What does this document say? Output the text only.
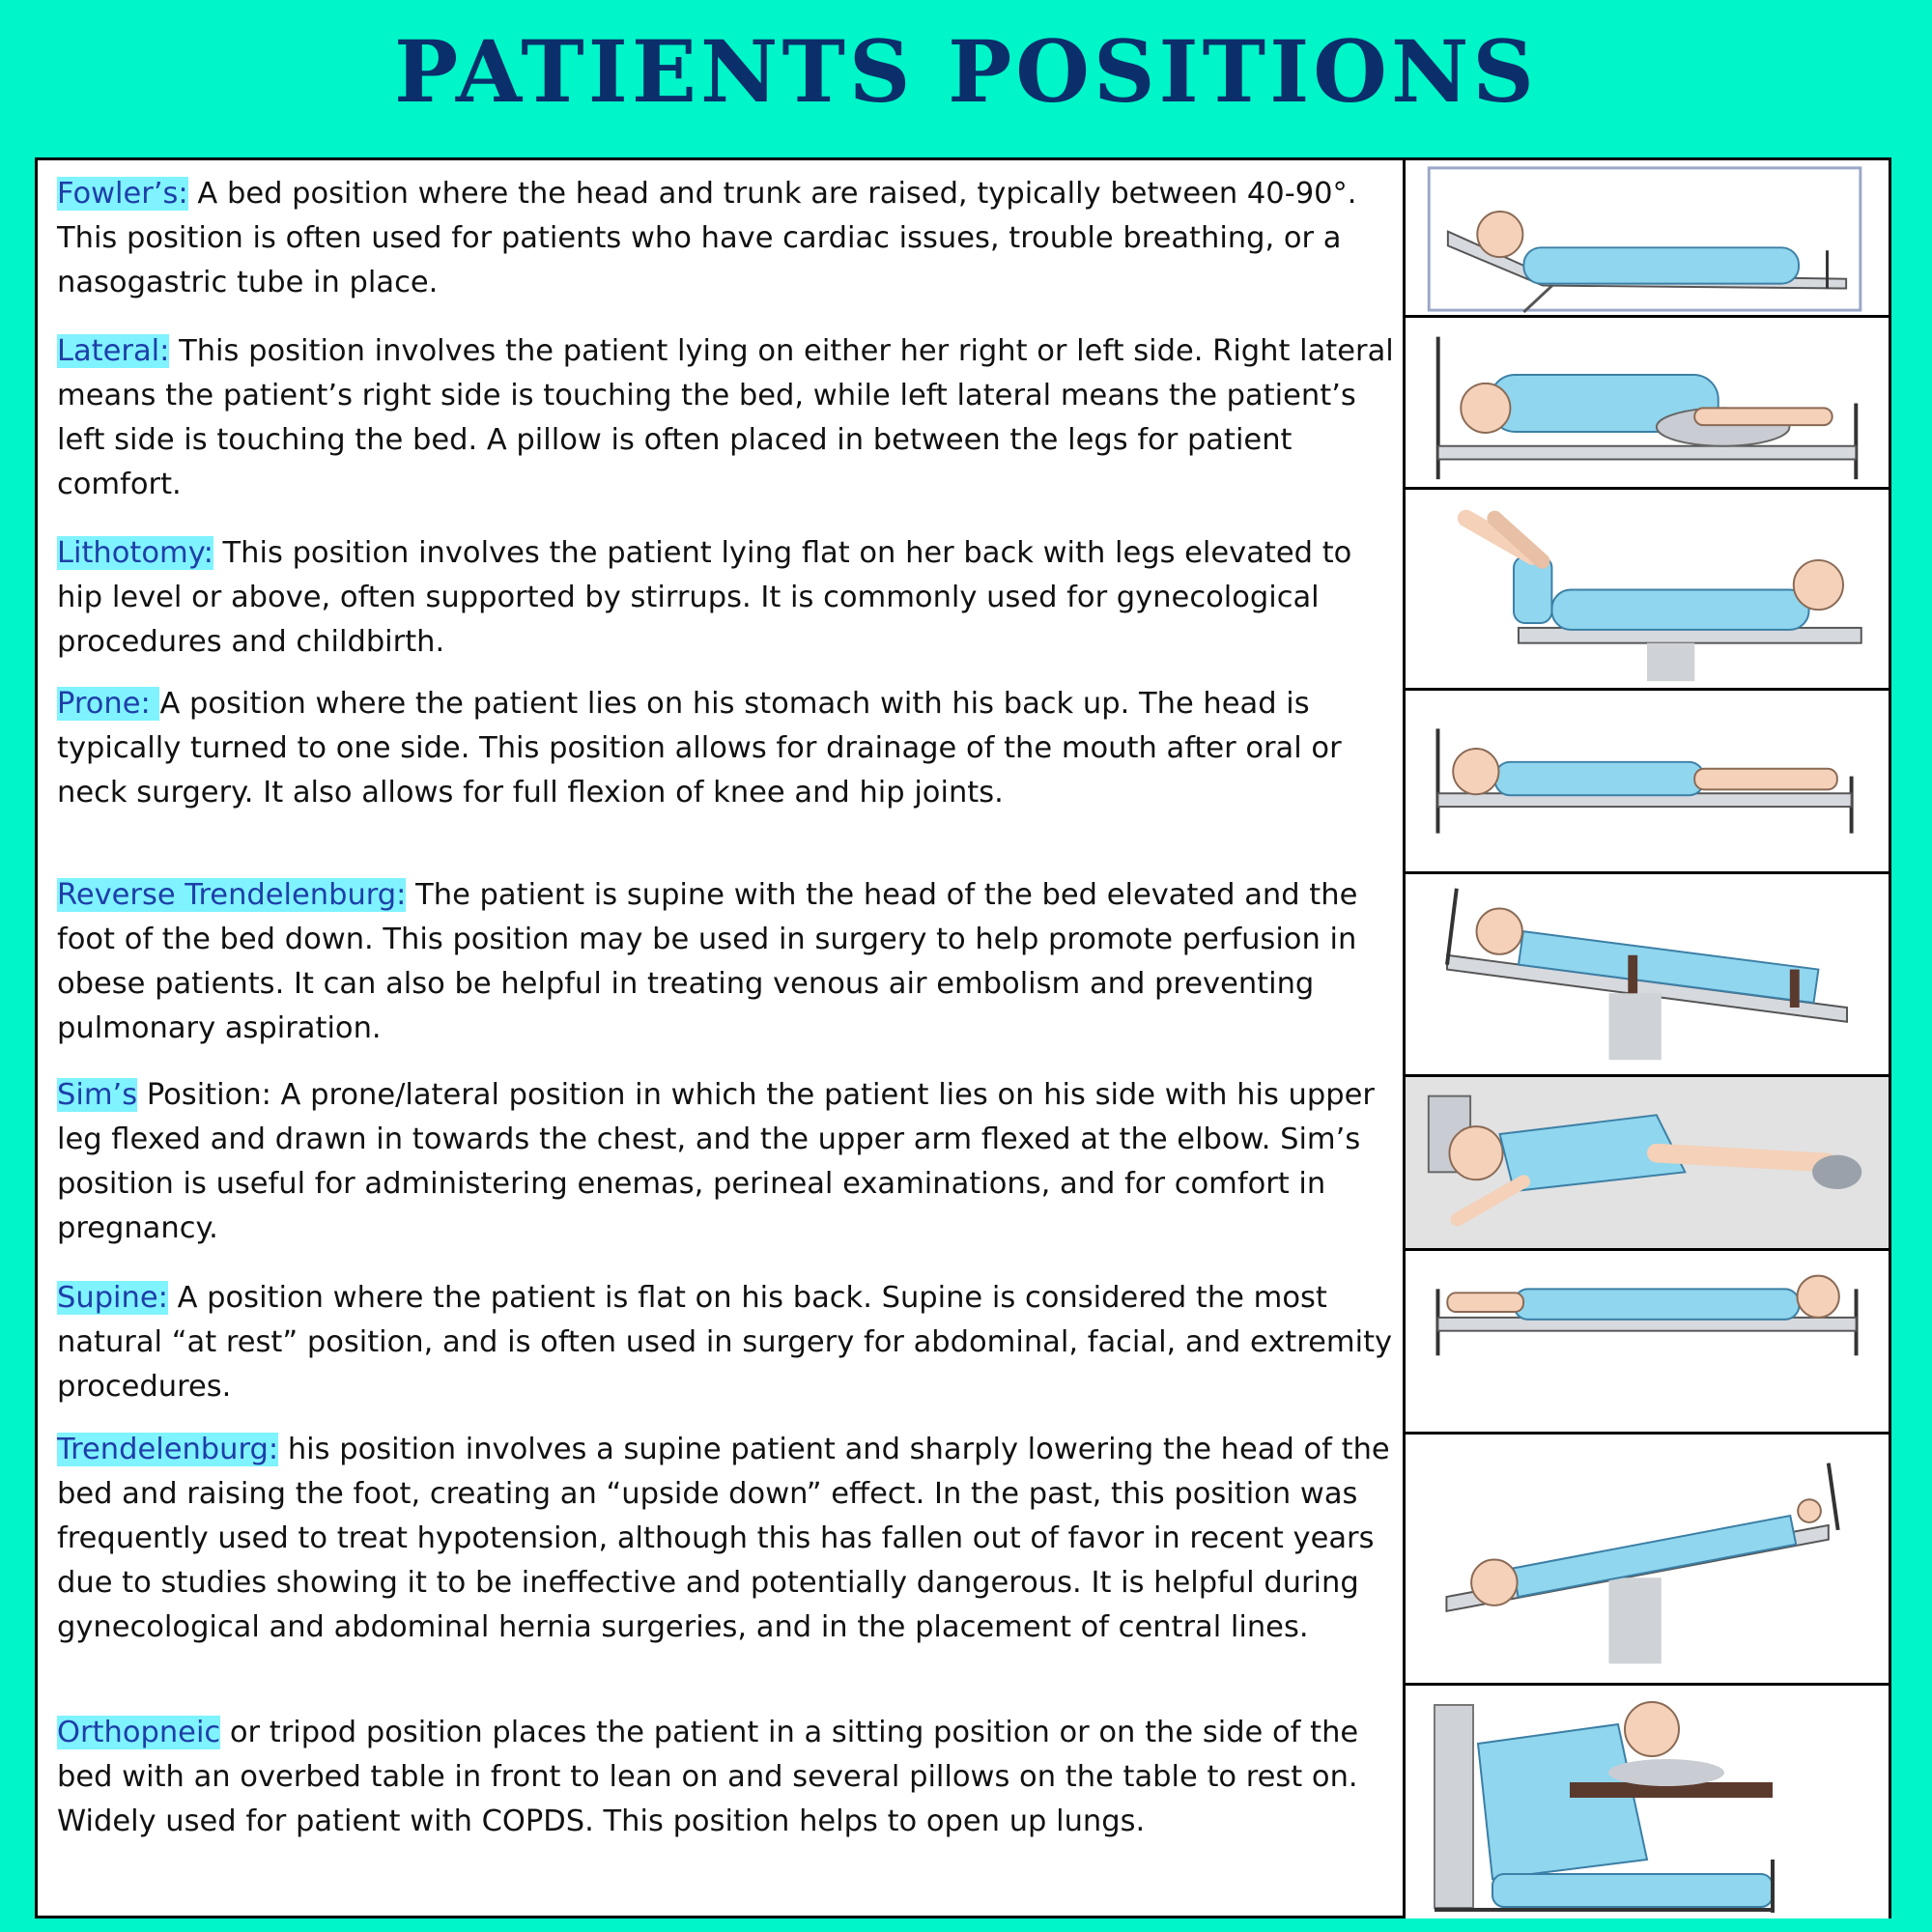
PATIENTS POSITIONS
Fowler’s: A bed position where the head and trunk are raised, typically between 40-90°. This position is often used for patients who have cardiac issues, trouble breathing, or a nasogastric tube in place.
Lateral: This position involves the patient lying on either her right or left side. Right lateral means the patient’s right side is touching the bed, while left lateral means the patient’s left side is touching the bed. A pillow is often placed in between the legs for patient comfort.
Lithotomy: This position involves the patient lying flat on her back with legs elevated to hip level or above, often supported by stirrups. It is commonly used for gynecological procedures and childbirth.
Prone: A position where the patient lies on his stomach with his back up. The head is typically turned to one side. This position allows for drainage of the mouth after oral or neck surgery. It also allows for full flexion of knee and hip joints.
Reverse Trendelenburg: The patient is supine with the head of the bed elevated and the foot of the bed down. This position may be used in surgery to help promote perfusion in obese patients. It can also be helpful in treating venous air embolism and preventing pulmonary aspiration.
Sim’s Position: A prone/lateral position in which the patient lies on his side with his upper leg flexed and drawn in towards the chest, and the upper arm flexed at the elbow. Sim’s position is useful for administering enemas, perineal examinations, and for comfort in pregnancy.
Supine: A position where the patient is flat on his back. Supine is considered the most natural “at rest” position, and is often used in surgery for abdominal, facial, and extremity procedures.
Trendelenburg: his position involves a supine patient and sharply lowering the head of the bed and raising the foot, creating an “upside down” effect. In the past, this position was frequently used to treat hypotension, although this has fallen out of favor in recent years due to studies showing it to be ineffective and potentially dangerous. It is helpful during gynecological and abdominal hernia surgeries, and in the placement of central lines.
Orthopneic or tripod position places the patient in a sitting position or on the side of the bed with an overbed table in front to lean on and several pillows on the table to rest on. Widely used for patient with COPDS. This position helps to open up lungs.
